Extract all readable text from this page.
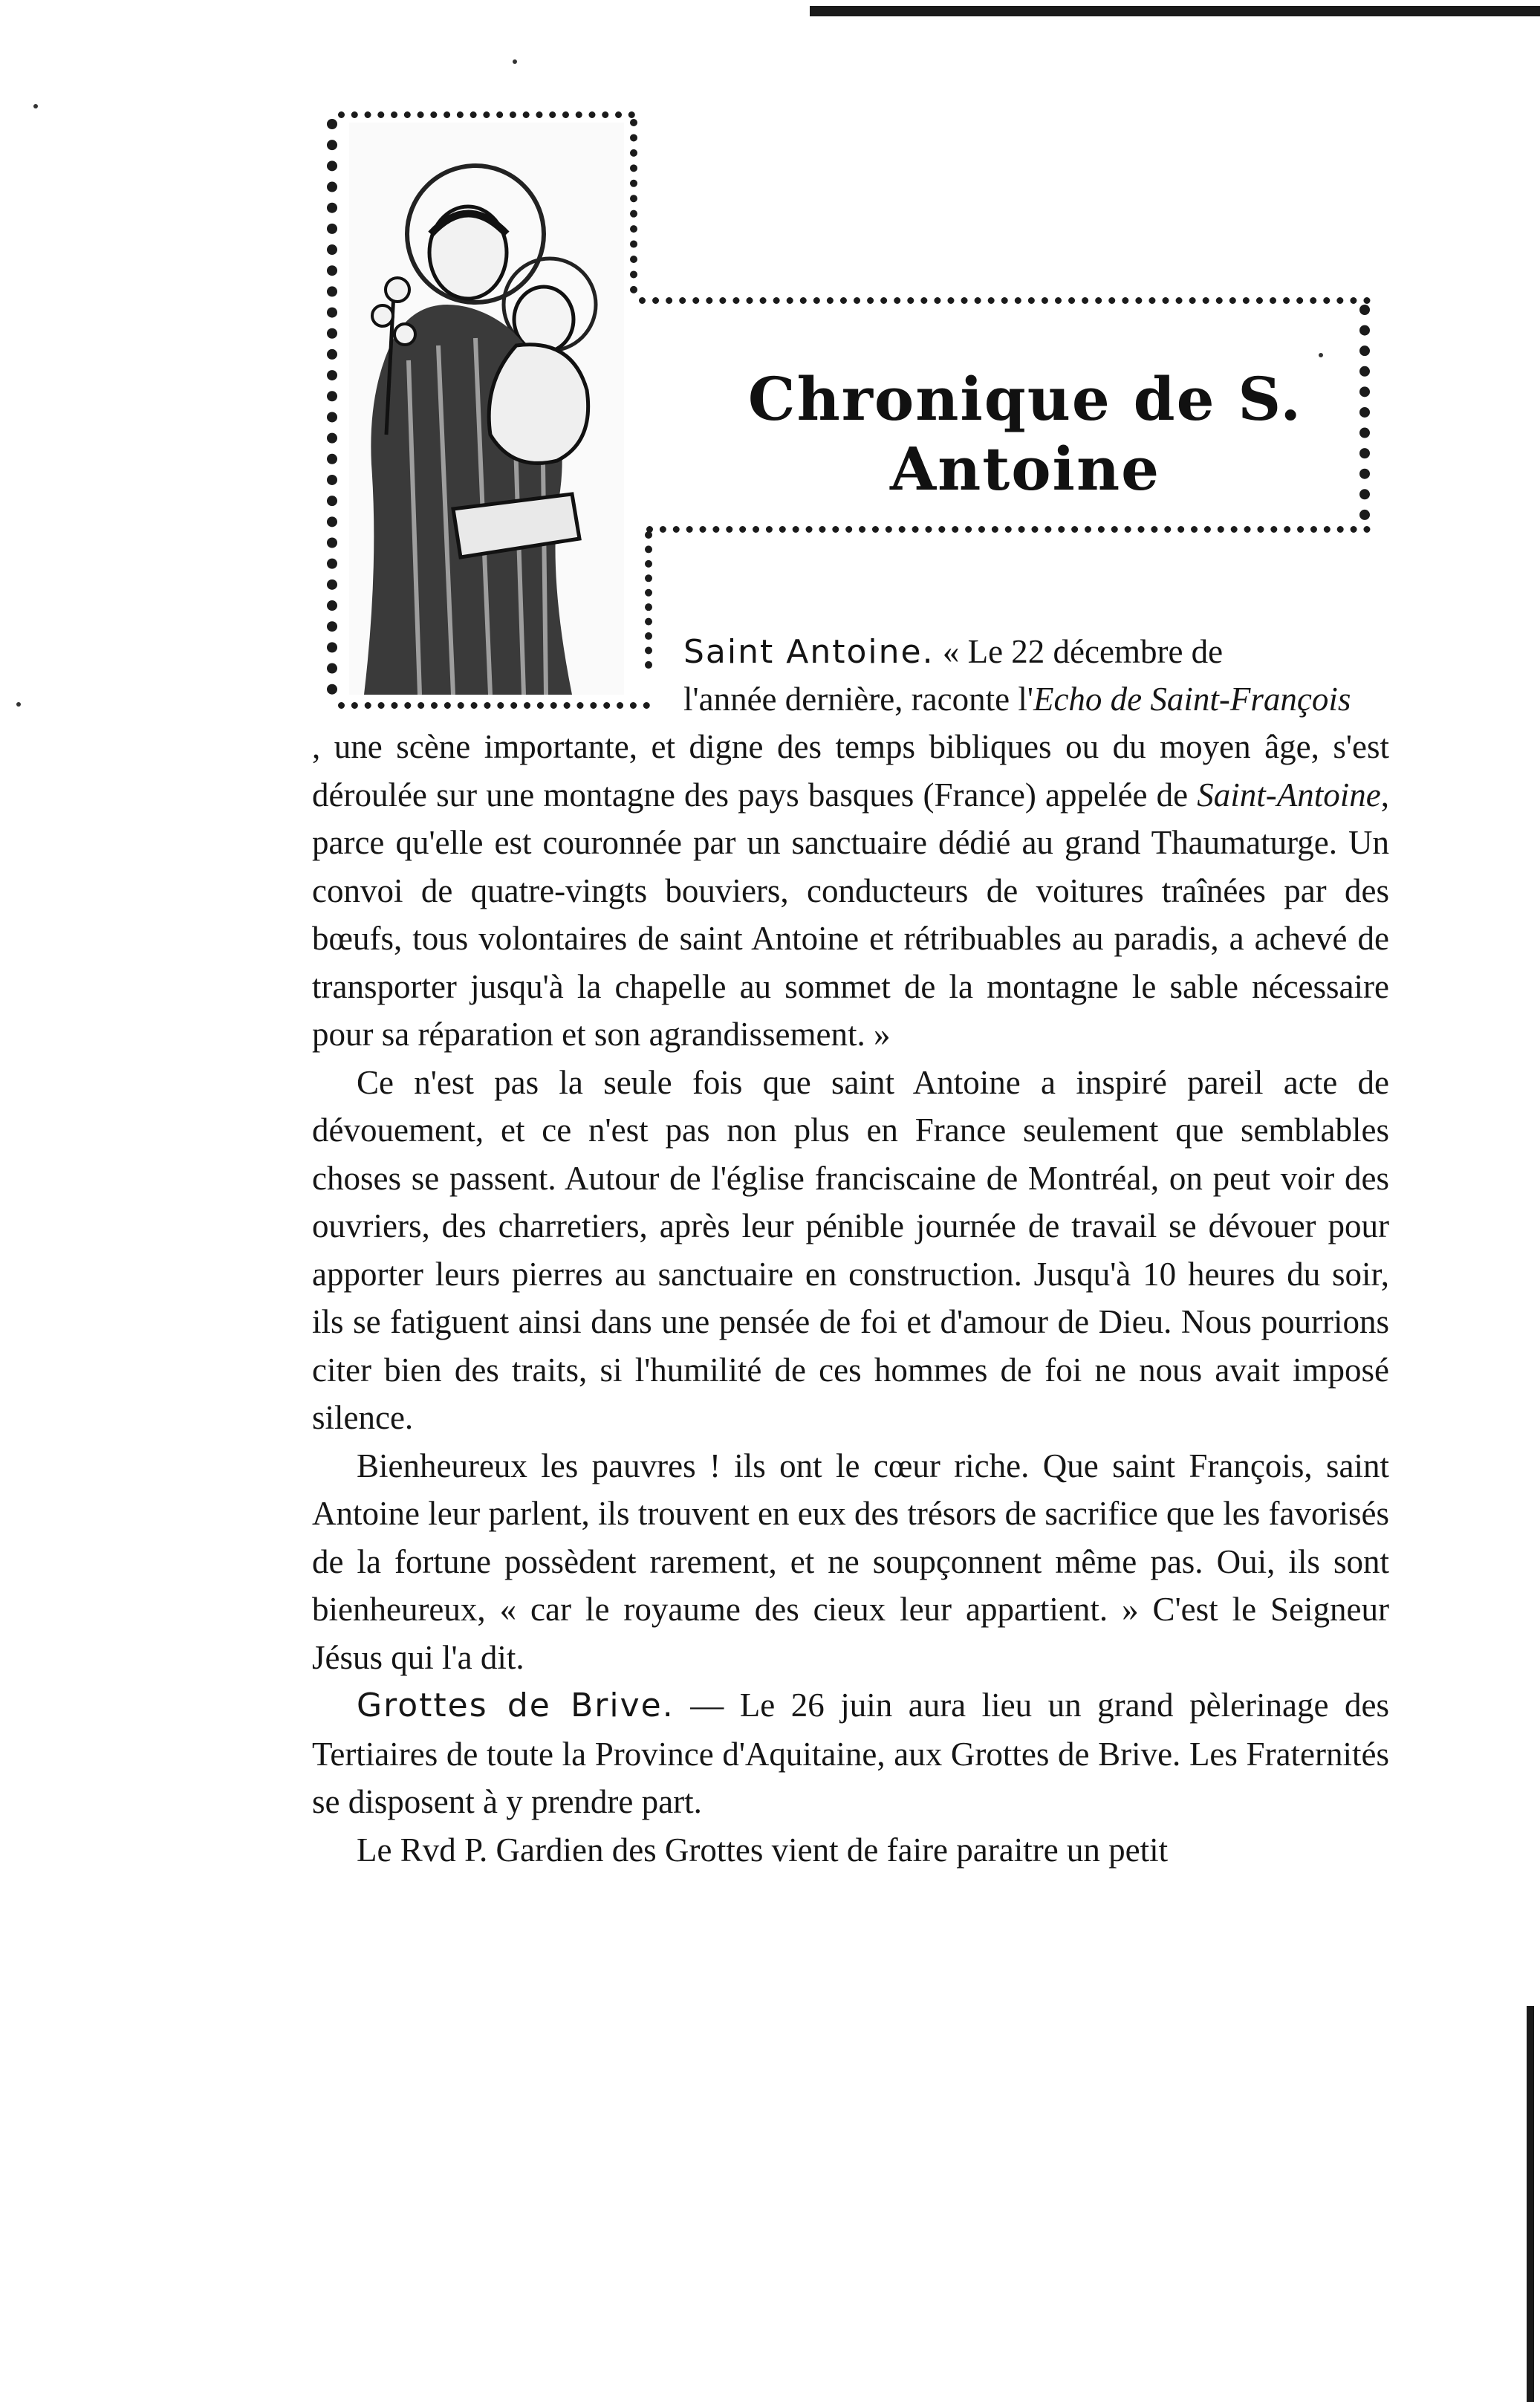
Chronique de S. Antoine
Saint Antoine. « Le 22 décembre de
l'année dernière, raconte l'Echo de Saint-François

, une scène importante, et digne des temps bibliques ou du moyen âge, s'est déroulée sur une montagne des pays basques (France) appelée de Saint-Antoine, parce qu'elle est couronnée par un sanctuaire dédié au grand Thaumaturge. Un convoi de quatre-vingts bouviers, conducteurs de voitures traînées par des bœufs, tous volontaires de saint Antoine et rétribuables au paradis, a achevé de transporter jusqu'à la chapelle au sommet de la montagne le sable nécessaire pour sa réparation et son agrandissement. »

Ce n'est pas la seule fois que saint Antoine a inspiré pareil acte de dévouement, et ce n'est pas non plus en France seulement que semblables choses se passent. Autour de l'église franciscaine de Montréal, on peut voir des ouvriers, des charretiers, après leur pénible journée de travail se dévouer pour apporter leurs pierres au sanctuaire en construction. Jusqu'à 10 heures du soir, ils se fatiguent ainsi dans une pensée de foi et d'amour de Dieu. Nous pourrions citer bien des traits, si l'humilité de ces hommes de foi ne nous avait imposé silence.

Bienheureux les pauvres ! ils ont le cœur riche. Que saint François, saint Antoine leur parlent, ils trouvent en eux des trésors de sacrifice que les favorisés de la fortune possèdent rarement, et ne soupçonnent même pas. Oui, ils sont bienheureux, « car le royaume des cieux leur appartient. » C'est le Seigneur Jésus qui l'a dit.

Grottes de Brive. — Le 26 juin aura lieu un grand pèlerinage des Tertiaires de toute la Province d'Aquitaine, aux Grottes de Brive. Les Fraternités se disposent à y prendre part.

Le Rvd P. Gardien des Grottes vient de faire paraitre un petit
